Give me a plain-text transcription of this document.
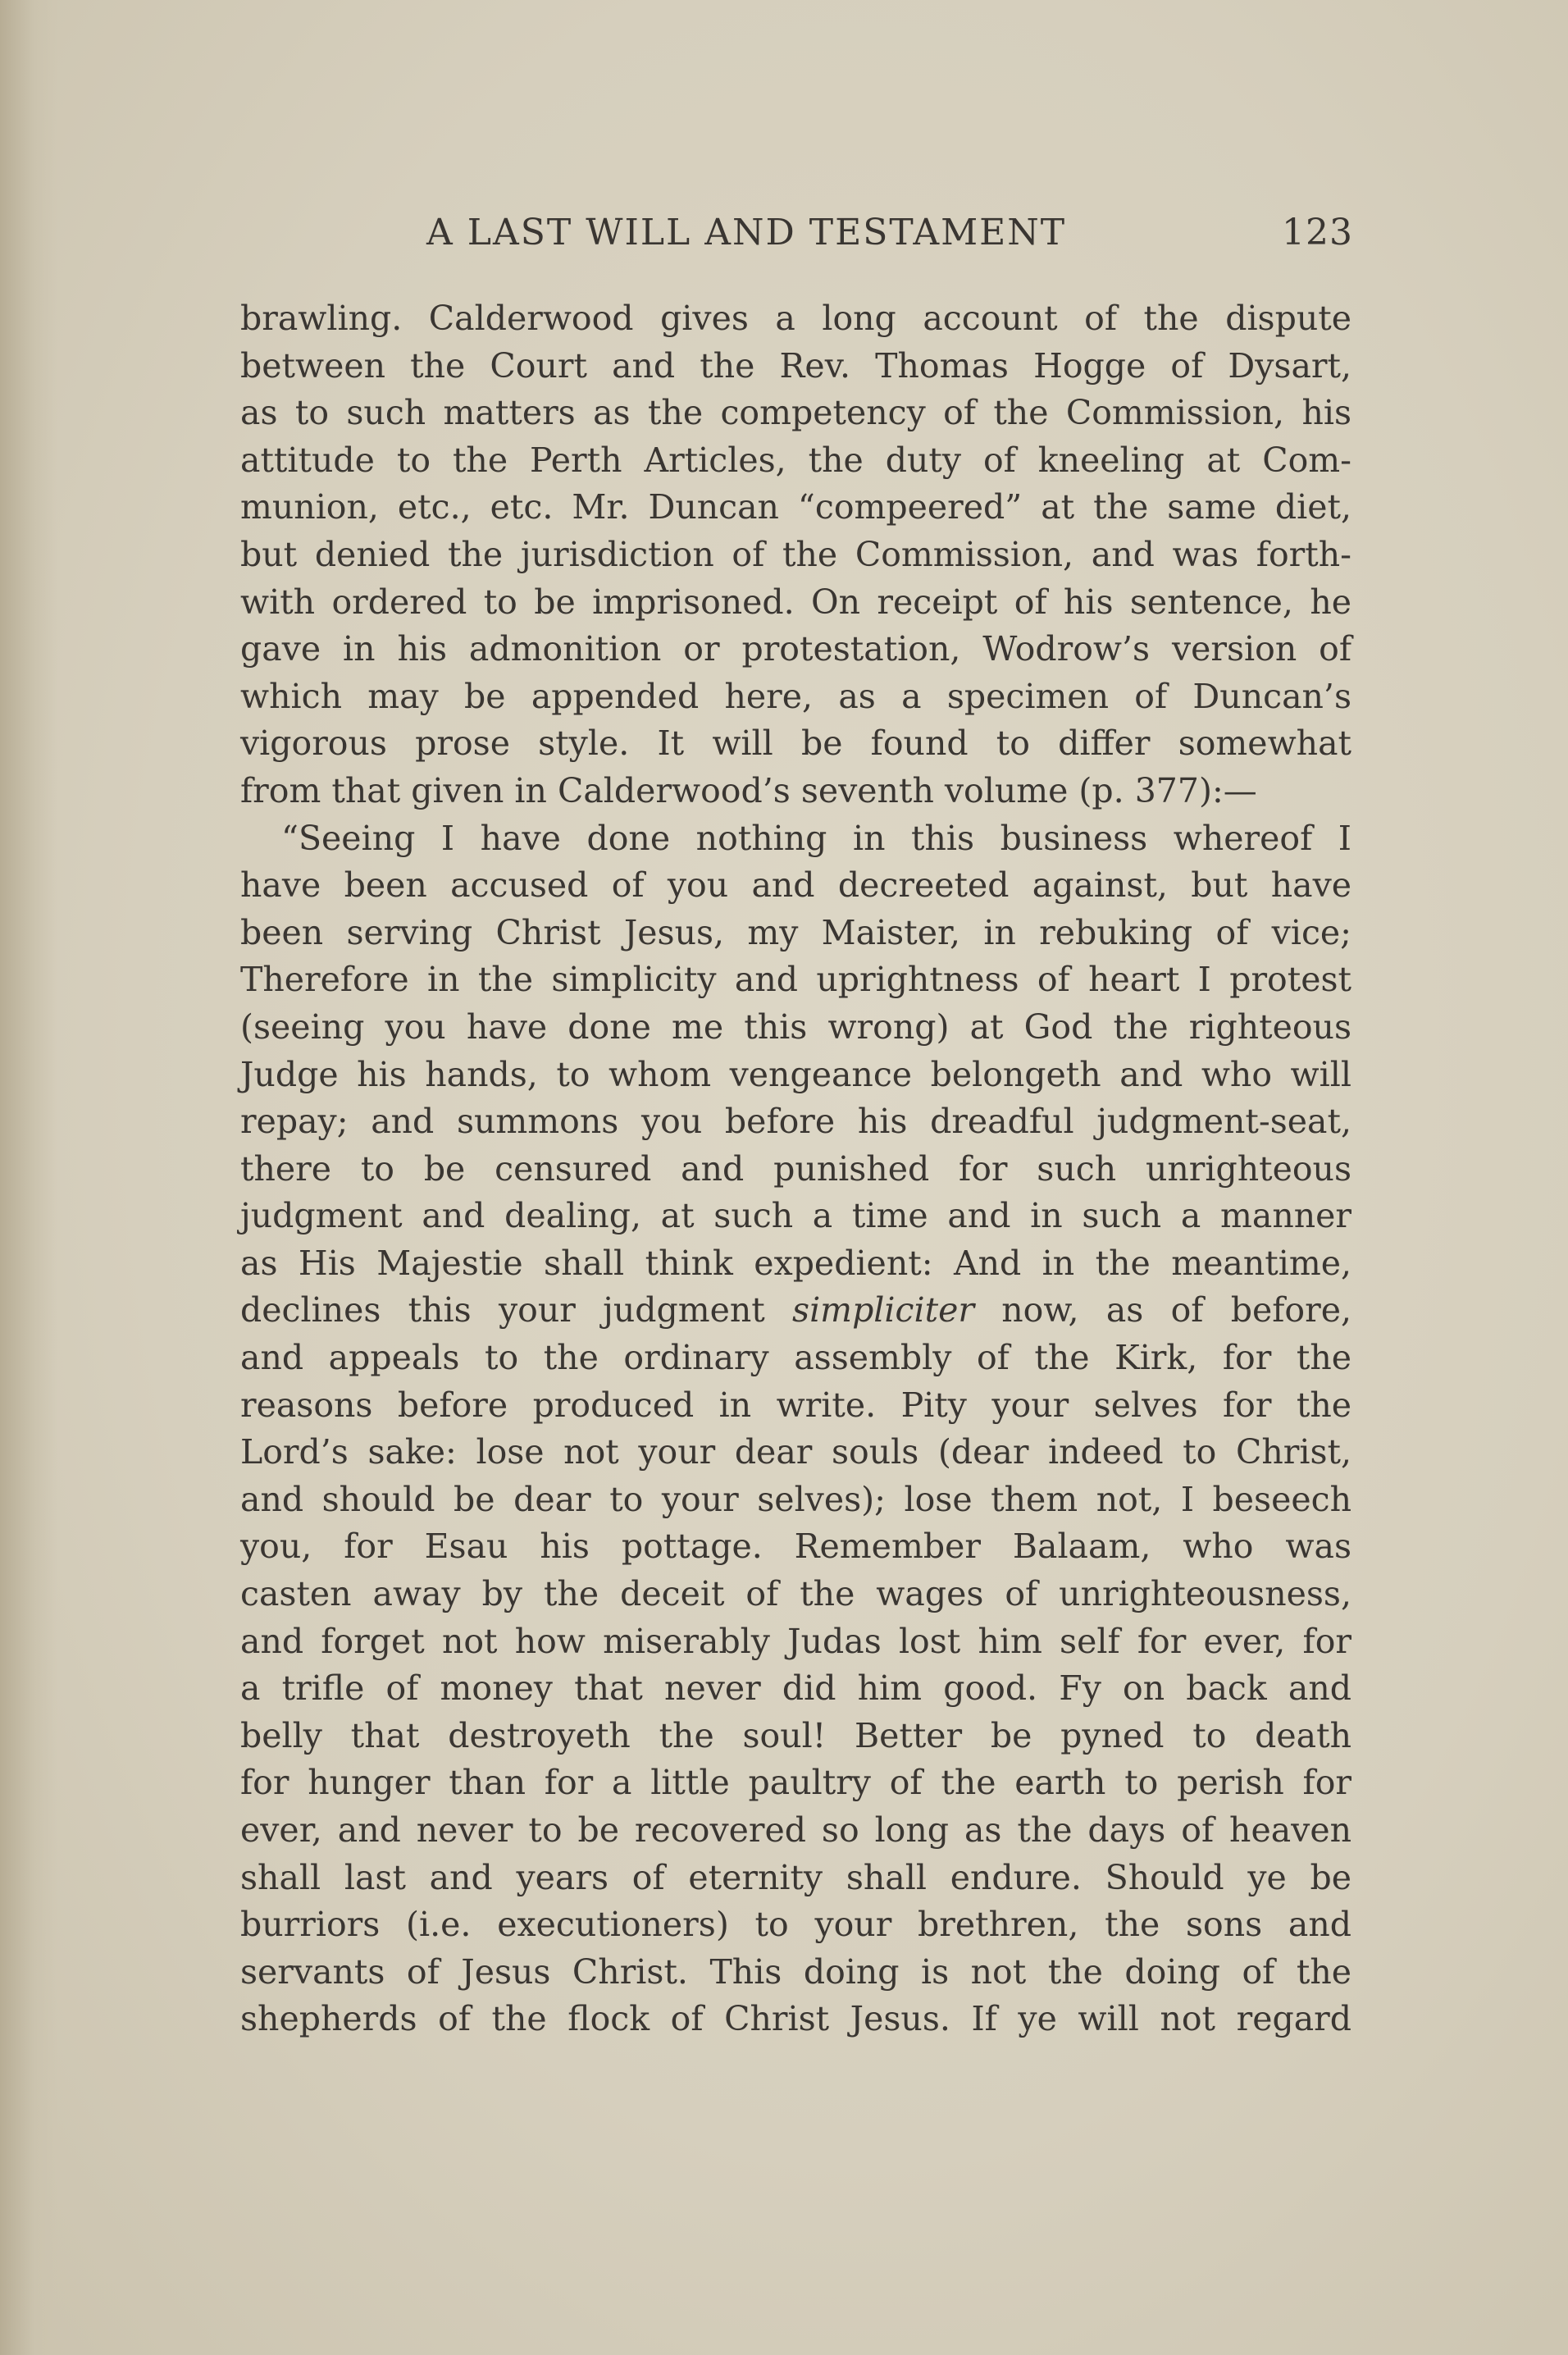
A LAST WILL AND TESTAMENT	123
brawling. Calderwood gives a long account of the dispute
between the Court and the Rev. Thomas Hogge of Dysart,
as to such matters as the competency of the Commission, his
attitude to the Perth Articles, the duty of kneeling at Com-
munion, etc., etc. Mr. Duncan “compeered” at the same diet,
but denied the jurisdiction of the Commission, and was forth-
with ordered to be imprisoned. On receipt of his sentence, he
gave in his admonition or protestation, Wodrow’s version of
which may be appended here, as a specimen of Duncan’s
vigorous prose style. It will be found to differ somewhat
from that given in Calderwood’s seventh volume (p. 377):—
“Seeing I have done nothing in this business whereof I
have been accused of you and decreeted against, but have
been serving Christ Jesus, my Maister, in rebuking of vice;
Therefore in the simplicity and uprightness of heart I protest
(seeing you have done me this wrong) at God the righteous
Judge his hands, to whom vengeance belongeth and who will
repay; and summons you before his dreadful judgment-seat,
there to be censured and punished for such unrighteous
judgment and dealing, at such a time and in such a manner
as His Majestie shall think expedient: And in the meantime,
declines this your judgment simpliciter now, as of before,
and appeals to the ordinary assembly of the Kirk, for the
reasons before produced in write. Pity your selves for the
Lord’s sake: lose not your dear souls (dear indeed to Christ,
and should be dear to your selves); lose them not, I beseech
you, for Esau his pottage. Remember Balaam, who was
casten away by the deceit of the wages of unrighteousness,
and forget not how miserably Judas lost him self for ever, for
a trifle of money that never did him good. Fy on back and
belly that destroyeth the soul! Better be pyned to death
for hunger than for a little paultry of the earth to perish for
ever, and never to be recovered so long as the days of heaven
shall last and years of eternity shall endure. Should ye be
burriors (i.e. executioners) to your brethren, the sons and
servants of Jesus Christ. This doing is not the doing of the
shepherds of the flock of Christ Jesus. If ye will not regard
